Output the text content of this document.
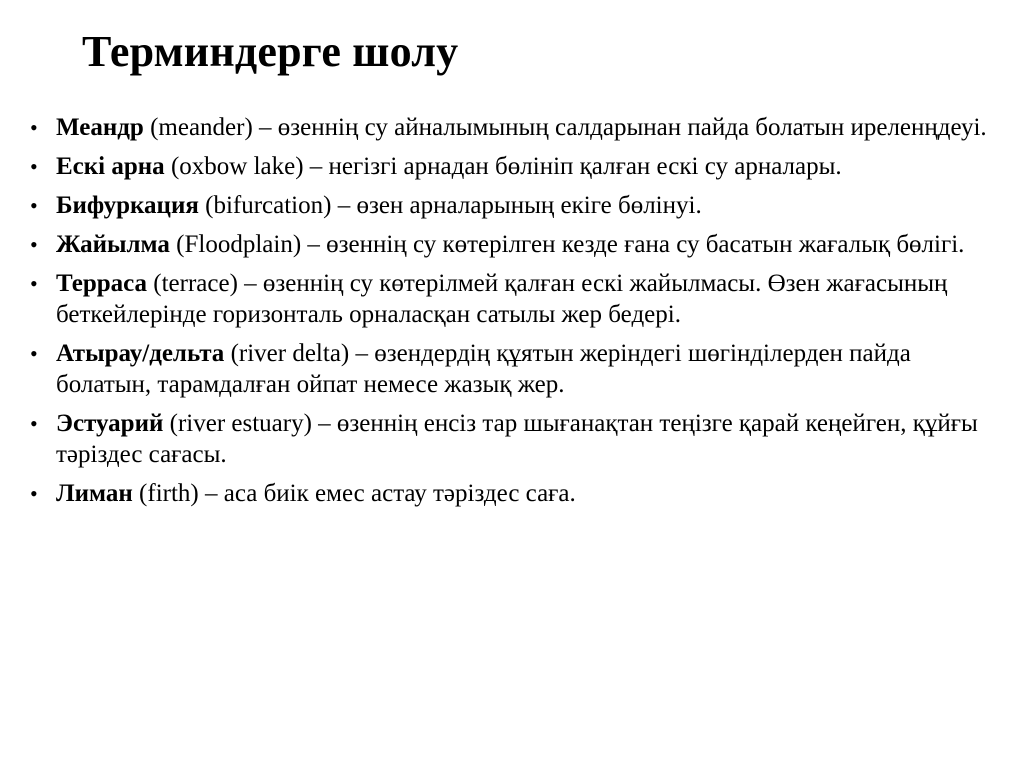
Терминдерге шолу
• Меандр (meander) – өзеннің су айналымының салдарынан пайда болатын иреленңдеуі.
• Ескі арна (oxbow lake) – негізгі арнадан бөлініп қалған ескі су арналары.
• Бифуркация (bifurcation) – өзен арналарының екіге бөлінуі.
• Жайылма (Floodplain) – өзеннің су көтерілген кезде ғана су басатын жағалық бөлігі.
• Терраса (terrace) – өзеннің су көтерілмей қалған ескі жайылмасы. Өзен жағасының беткейлерінде горизонталь орналасқан сатылы жер бедері.
• Атырау/дельта (river delta) – өзендердің құятын жеріндегі шөгінділерден пайда болатын, тарамдалған ойпат немесе жазық жер.
• Эстуарий (river estuary) – өзеннің енсіз тар шығанақтан теңізге қарай кеңейген, құйғы тәріздес сағасы.
• Лиман (firth) – аса биік емес астау тәріздес саға.
